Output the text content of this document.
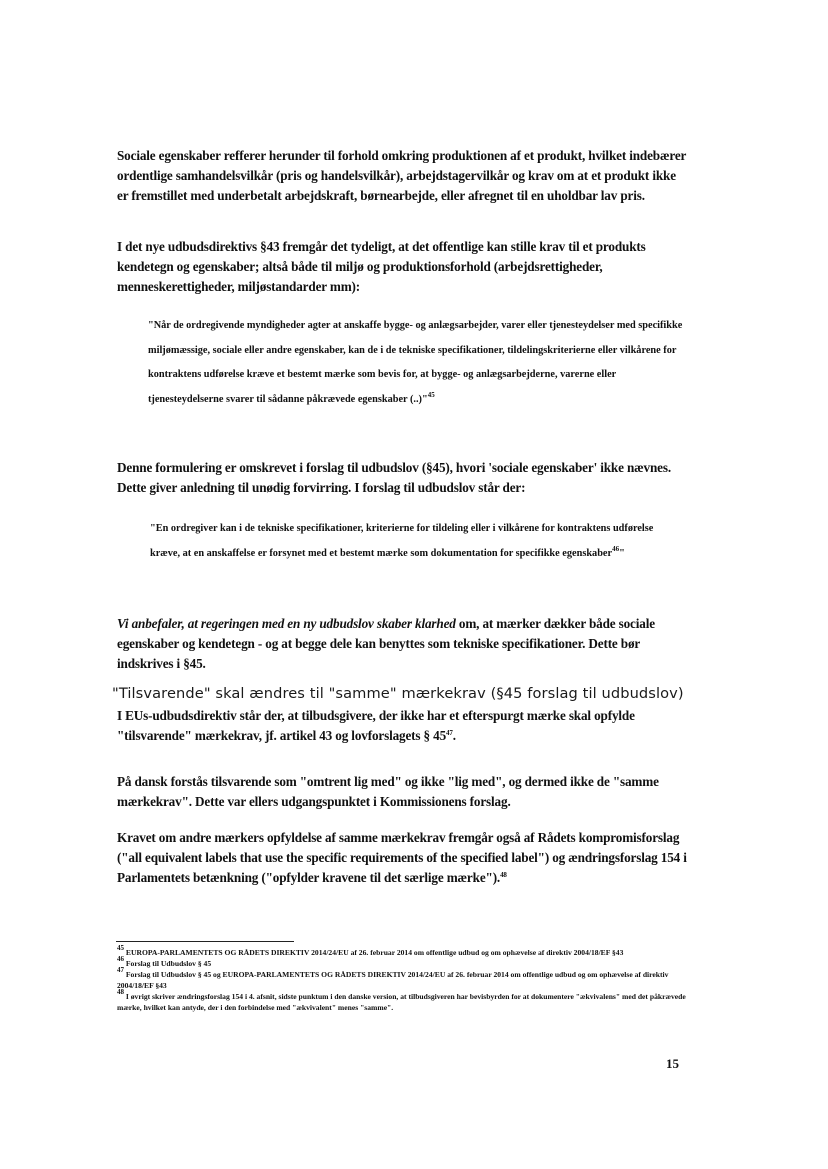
Sociale egenskaber refferer herunder til forhold omkring produktionen af et produkt, hvilket indebærer ordentlige samhandelsvilkår (pris og handelsvilkår), arbejdstagervilkår og krav om at et produkt ikke er fremstillet med underbetalt arbejdskraft, børnearbejde, eller afregnet til en uholdbar lav pris.

I det nye udbudsdirektivs §43 fremgår det tydeligt, at det offentlige kan stille krav til et produkts kendetegn og egenskaber; altså både til miljø og produktionsforhold (arbejdsrettigheder, menneskerettigheder, miljøstandarder mm):

"Når de ordregivende myndigheder agter at anskaffe bygge- og anlægsarbejder, varer eller tjenesteydelser med specifikke miljømæssige, sociale eller andre egenskaber, kan de i de tekniske specifikationer, tildelingskriterierne eller vilkårene for kontraktens udførelse kræve et bestemt mærke som bevis for, at bygge- og anlægsarbejderne, varerne eller tjenesteydelserne svarer til sådanne påkrævede egenskaber (..)"$^{45}$

Denne formulering er omskrevet i forslag til udbudslov (§45), hvori 'sociale egenskaber' ikke nævnes. Dette giver anledning til unødig forvirring. I forslag til udbudslov står der:

"En ordregiver kan i de tekniske specifikationer, kriterierne for tildeling eller i vilkårene for kontraktens udførelse kræve, at en anskaffelse er forsynet med et bestemt mærke som dokumentation for specifikke egenskaber$^{46}$"

Vi anbefaler, at regeringen med en ny udbudslov skaber klarhed om, at mærker dækker både sociale egenskaber og kendetegn - og at begge dele kan benyttes som tekniske specifikationer. Dette bør indskrives i §45.

"Tilsvarende" skal ændres til "samme" mærkekrav (§45 forslag til udbudslov)

I EUs-udbudsdirektiv står der, at tilbudsgivere, der ikke har et efterspurgt mærke skal opfylde "tilsvarende" mærkekrav, jf. artikel 43 og lovforslagets § $45^{47}$.

På dansk forstås tilsvarende som "omtrent lig med" og ikke "lig med", og dermed ikke de "samme mærkekrav". Dette var ellers udgangspunktet i Kommissionens forslag.

Kravet om andre mærkers opfyldelse af samme mærkekrav fremgår også af Rådets kompromisforslag ("all equivalent labels that use the specific requirements of the specified label") og ændringsforslag 154 i Parlamentets betænkning ("opfylder kravene til det særlige mærke").$^{48}$

$^{45}$ EUROPA-PARLAMENTETS OG RÅDETS DIREKTIV 2014/24/EU af 26. februar 2014 om offentlige udbud og om ophævelse af direktiv 2004/18/EF §43
$^{46}$ Forslag til Udbudslov § 45
$^{47}$ Forslag til Udbudslov § 45 og EUROPA-PARLAMENTETS OG RÅDETS DIREKTIV 2014/24/EU af 26. februar 2014 om offentlige udbud og om ophævelse af direktiv 2004/18/EF §43
$^{48}$ I øvrigt skriver ændringsforslag 154 i 4. afsnit, sidste punktum i den danske version, at tilbudsgiveren har bevisbyrden for at dokumentere "ækvivalens" med det påkrævede mærke, hvilket kan antyde, der i den forbindelse med "ækvivalent" menes "samme".

15
